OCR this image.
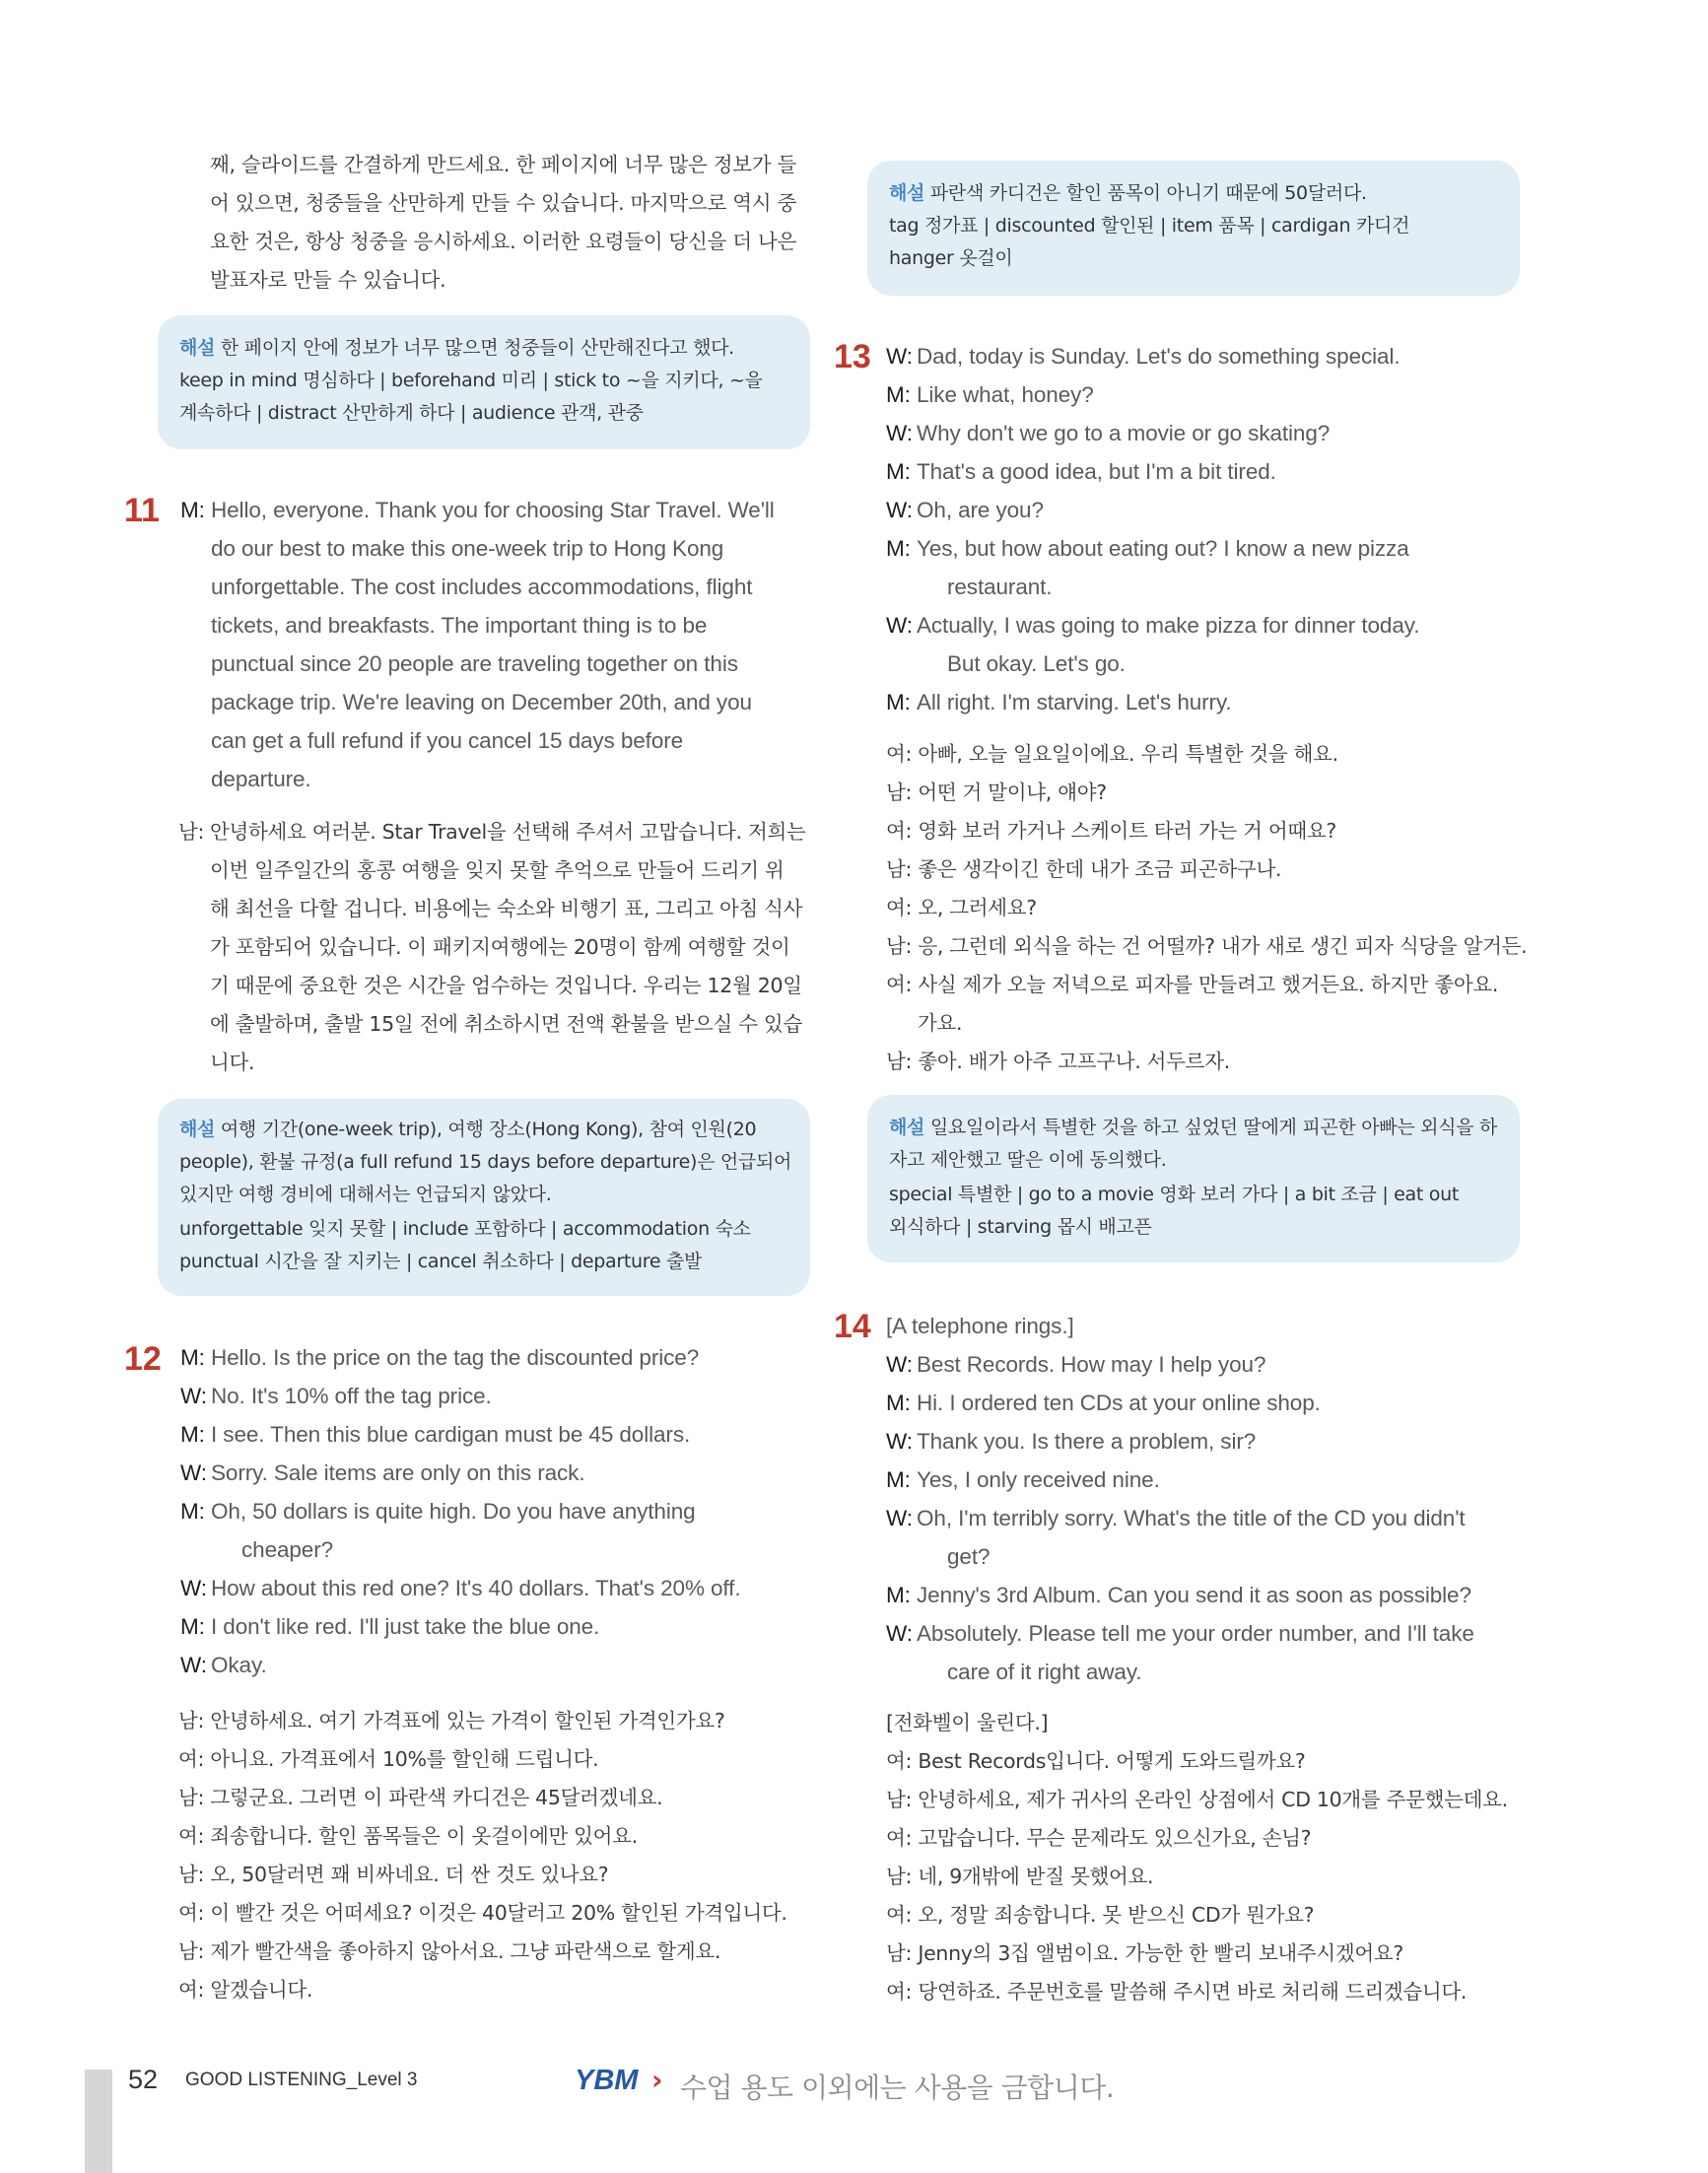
째, 슬라이드를 간결하게 만드세요. 한 페이지에 너무 많은 정보가 들
어 있으면, 청중들을 산만하게 만들 수 있습니다. 마지막으로 역시 중
요한 것은, 항상 청중을 응시하세요. 이러한 요령들이 당신을 더 나은
발표자로 만들 수 있습니다.
해설 한 페이지 안에 정보가 너무 많으면 청중들이 산만해진다고 했다.
keep in mind 명심하다 | beforehand 미리 | stick to ~을 지키다, ~을
계속하다 | distract 산만하게 하다 | audience 관객, 관중
11 M: Hello, everyone. Thank you for choosing Star Travel. We'll
do our best to make this one-week trip to Hong Kong
unforgettable. The cost includes accommodations, flight
tickets, and breakfasts. The important thing is to be
punctual since 20 people are traveling together on this
package trip. We're leaving on December 20th, and you
can get a full refund if you cancel 15 days before
departure.
남: 안녕하세요 여러분. Star Travel을 선택해 주셔서 고맙습니다. 저희는
이번 일주일간의 홍콩 여행을 잊지 못할 추억으로 만들어 드리기 위
해 최선을 다할 겁니다. 비용에는 숙소와 비행기 표, 그리고 아침 식사
가 포함되어 있습니다. 이 패키지여행에는 20명이 함께 여행할 것이
기 때문에 중요한 것은 시간을 엄수하는 것입니다. 우리는 12월 20일
에 출발하며, 출발 15일 전에 취소하시면 전액 환불을 받으실 수 있습
니다.
해설 여행 기간(one-week trip), 여행 장소(Hong Kong), 참여 인원(20
people), 환불 규정(a full refund 15 days before departure)은 언급되어
있지만 여행 경비에 대해서는 언급되지 않았다.
unforgettable 잊지 못할 | include 포함하다 | accommodation 숙소
punctual 시간을 잘 지키는 | cancel 취소하다 | departure 출발
12 M: Hello. Is the price on the tag the discounted price?
W: No. It's 10% off the tag price.
M: I see. Then this blue cardigan must be 45 dollars.
W: Sorry. Sale items are only on this rack.
M: Oh, 50 dollars is quite high. Do you have anything
cheaper?
W: How about this red one? It's 40 dollars. That's 20% off.
M: I don't like red. I'll just take the blue one.
W: Okay.
남: 안녕하세요. 여기 가격표에 있는 가격이 할인된 가격인가요?
여: 아니요. 가격표에서 10%를 할인해 드립니다.
남: 그렇군요. 그러면 이 파란색 카디건은 45달러겠네요.
여: 죄송합니다. 할인 품목들은 이 옷걸이에만 있어요.
남: 오, 50달러면 꽤 비싸네요. 더 싼 것도 있나요?
여: 이 빨간 것은 어떠세요? 이것은 40달러고 20% 할인된 가격입니다.
남: 제가 빨간색을 좋아하지 않아서요. 그냥 파란색으로 할게요.
여: 알겠습니다.
해설 파란색 카디건은 할인 품목이 아니기 때문에 50달러다.
tag 정가표 | discounted 할인된 | item 품목 | cardigan 카디건
hanger 옷걸이
13 W: Dad, today is Sunday. Let's do something special.
M: Like what, honey?
W: Why don't we go to a movie or go skating?
M: That's a good idea, but I'm a bit tired.
W: Oh, are you?
M: Yes, but how about eating out? I know a new pizza
restaurant.
W: Actually, I was going to make pizza for dinner today.
But okay. Let's go.
M: All right. I'm starving. Let's hurry.
여: 아빠, 오늘 일요일이에요. 우리 특별한 것을 해요.
남: 어떤 거 말이냐, 얘야?
여: 영화 보러 가거나 스케이트 타러 가는 거 어때요?
남: 좋은 생각이긴 한데 내가 조금 피곤하구나.
여: 오, 그러세요?
남: 응, 그런데 외식을 하는 건 어떨까? 내가 새로 생긴 피자 식당을 알거든.
여: 사실 제가 오늘 저녁으로 피자를 만들려고 했거든요. 하지만 좋아요.
가요.
남: 좋아. 배가 아주 고프구나. 서두르자.
해설 일요일이라서 특별한 것을 하고 싶었던 딸에게 피곤한 아빠는 외식을 하
자고 제안했고 딸은 이에 동의했다.
special 특별한 | go to a movie 영화 보러 가다 | a bit 조금 | eat out
외식하다 | starving 몹시 배고픈
14 [A telephone rings.]
W: Best Records. How may I help you?
M: Hi. I ordered ten CDs at your online shop.
W: Thank you. Is there a problem, sir?
M: Yes, I only received nine.
W: Oh, I'm terribly sorry. What's the title of the CD you didn't
get?
M: Jenny's 3rd Album. Can you send it as soon as possible?
W: Absolutely. Please tell me your order number, and I'll take
care of it right away.
[전화벨이 울린다.]
여: Best Records입니다. 어떻게 도와드릴까요?
남: 안녕하세요, 제가 귀사의 온라인 상점에서 CD 10개를 주문했는데요.
여: 고맙습니다. 무슨 문제라도 있으신가요, 손님?
남: 네, 9개밖에 받질 못했어요.
여: 오, 정말 죄송합니다. 못 받으신 CD가 뭔가요?
남: Jenny의 3집 앨범이요. 가능한 한 빨리 보내주시겠어요?
여: 당연하죠. 주문번호를 말씀해 주시면 바로 처리해 드리겠습니다.
52 GOOD LISTENING_Level 3	YBM › 수업 용도 이외에는 사용을 금합니다.
